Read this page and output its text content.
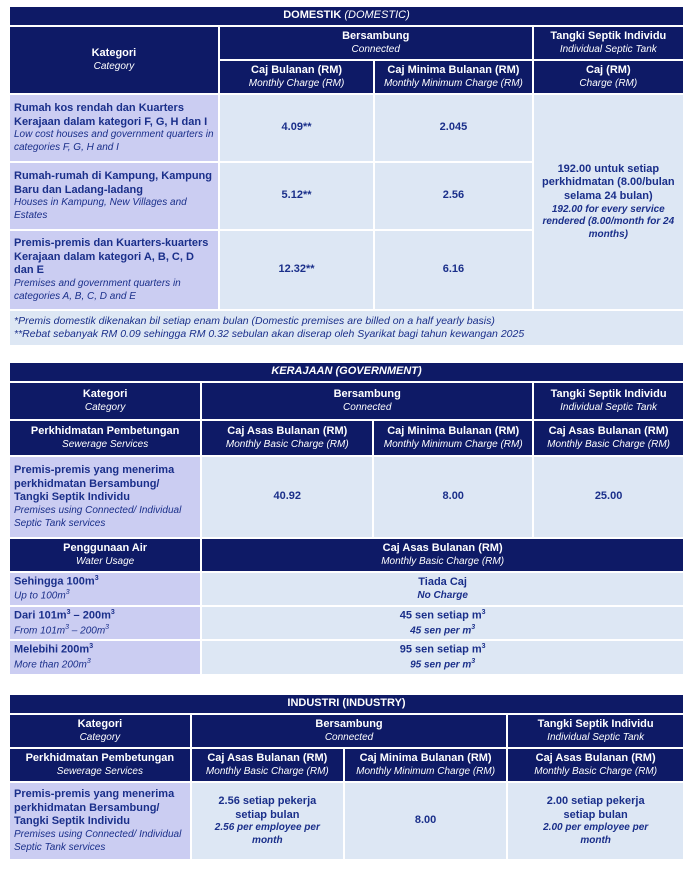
DOMESTIK (DOMESTIC)			
Kategori
Category	Bersambung
Connected		Tangki Septik Individu
Individual Septic Tank

	Caj Bulanan (RM)
Monthly Charge (RM)	Caj Minima Bulanan (RM)
Monthly Minimum Charge (RM)	Caj (RM)
Charge (RM)

Rumah kos rendah dan Kuarters Kerajaan dalam kategori F, G, H dan I
Low cost houses and government quarters in categories F, G, H and I	4.09**	2.045	192.00 untuk setiap perkhidmatan (8.00/bulan selama 24 bulan)
192.00 for every service rendered (8.00/month for 24 months)

Rumah-rumah di Kampung, Kampung Baru dan Ladang-ladang
Houses in Kampung, New Villages and Estates	5.12**	2.56	
Premis-premis dan Kuarters-kuarters Kerajaan dalam kategori A, B, C, D dan E
Premises and government quarters in categories A, B, C, D and E	12.32**	6.16	

*Premis domestik dikenakan bil setiap enam bulan (Domestic premises are billed on a half yearly basis)
**Rebat sebanyak RM 0.09 sehingga RM 0.32 sebulan akan diserap oleh Syarikat bagi tahun kewangan 2025			
KERAJAAN (GOVERNMENT)			
Kategori
Category	Bersambung
Connected		Tangki Septik Individu
Individual Septic Tank

Perkhidmatan Pembetungan
Sewerage Services	Caj Asas Bulanan (RM)
Monthly Basic Charge (RM)	Caj Minima Bulanan (RM)
Monthly Minimum Charge (RM)	Caj Asas Bulanan (RM)
Monthly Basic Charge (RM)

Premis-premis yang menerima perkhidmatan Bersambung/ Tangki Septik Individu
Premises using Connected/ Individual Septic Tank services	40.92	8.00	25.00
Penggunaan Air
Water Usage	Caj Asas Bulanan (RM)
Monthly Basic Charge (RM)		

Sehingga $100m^3$
Up to $100m^3$	Tiada Caj
No Charge		

Dari $101m^3 - 200m^3$
From $101m^3 - 200m^3$	45 sen setiap $m^3$
45 sen per $m^3$

Melebihi $200m^3$
More than $200m^3$	95 sen setiap $m^3$
95 sen per $m^3$
INDUSTRI (INDUSTRY)			
Kategori
Category	Bersambung
Connected		Tangki Septik Individu
Individual Septic Tank

Perkhidmatan Pembetungan
Sewerage Services	Caj Asas Bulanan (RM)
Monthly Basic Charge (RM)	Caj Minima Bulanan (RM)
Monthly Minimum Charge (RM)	Caj Asas Bulanan (RM)
Monthly Basic Charge (RM)

Premis-premis yang menerima perkhidmatan Bersambung/ Tangki Septik Individu
Premises using Connected/ Individual Septic Tank services	2.56 setiap pekerja setiap bulan
2.56 per employee per month	8.00	2.00 setiap pekerja setiap bulan
2.00 per employee per month
